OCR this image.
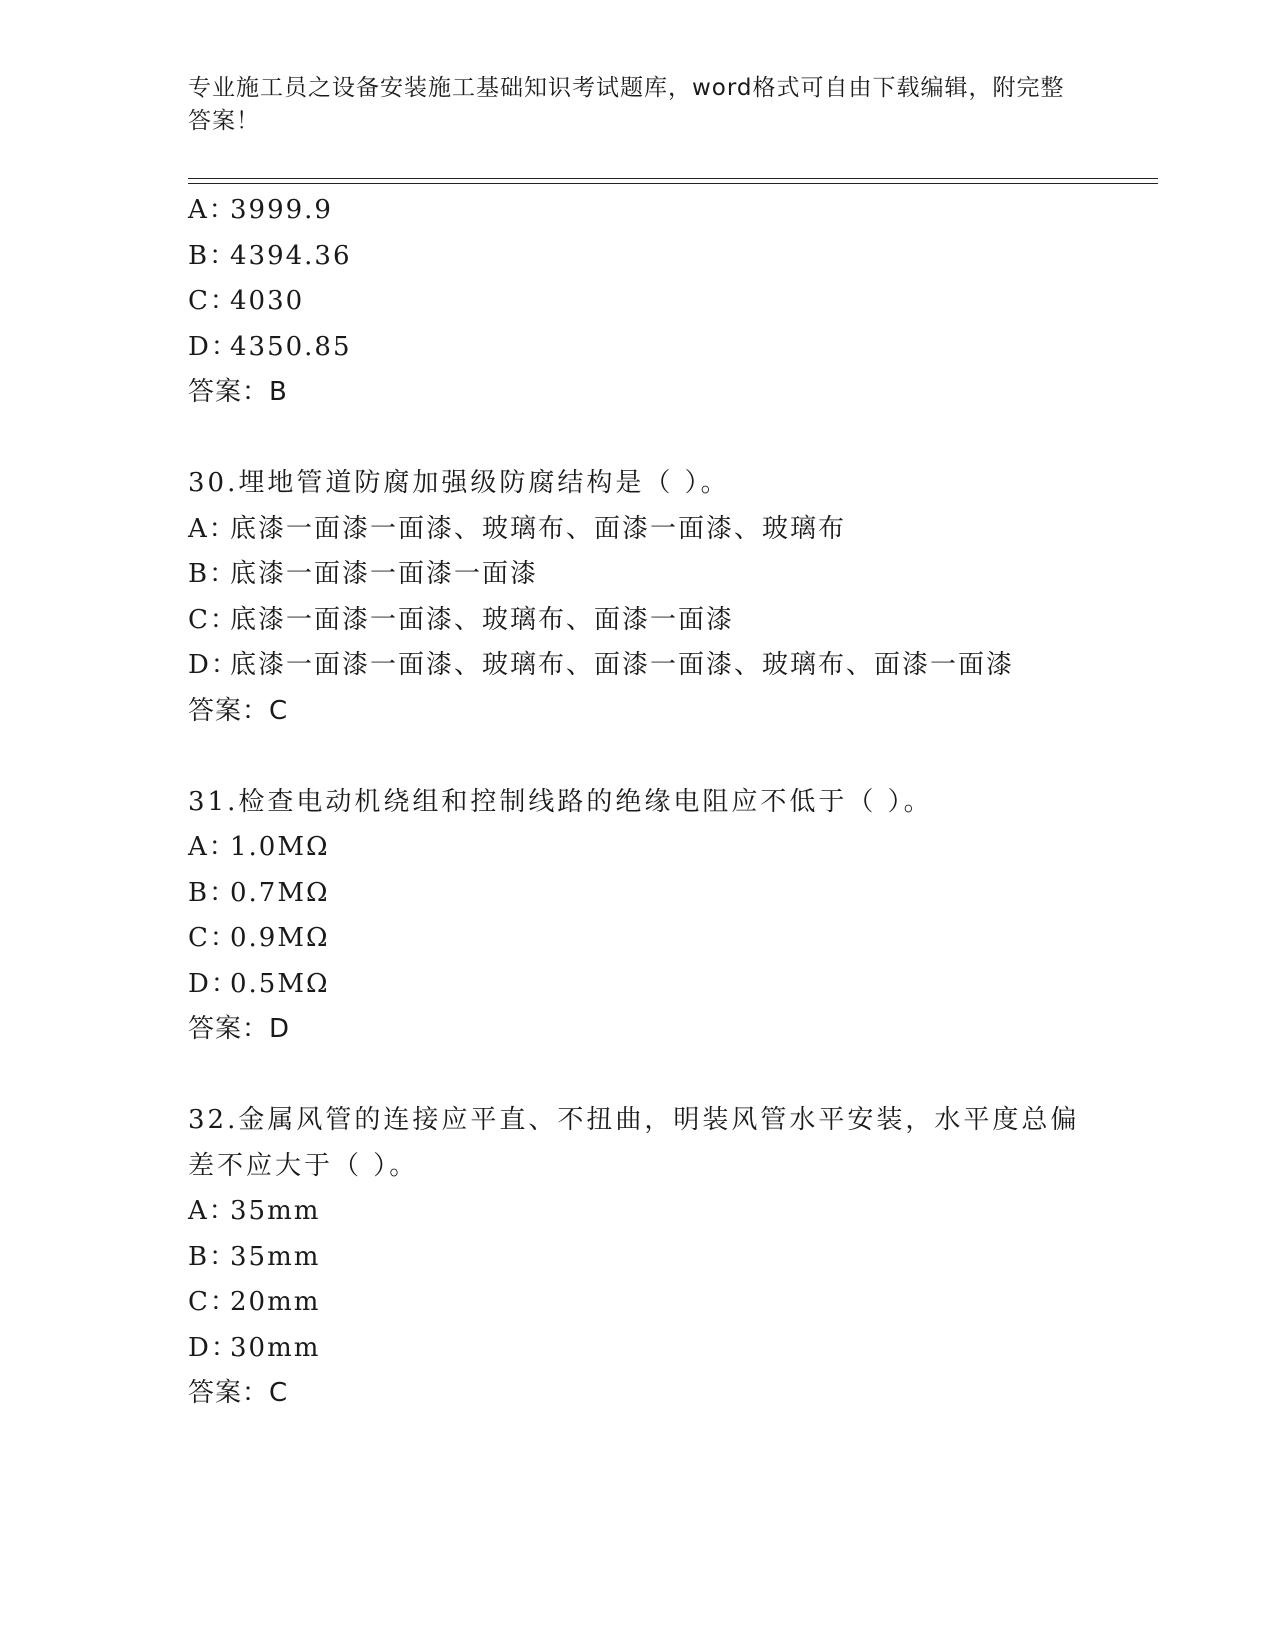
专业施工员之设备安装施工基础知识考试题库，word格式可自由下载编辑，附完整答案！
A：3999.9
B：4394.36
C：4030
D：4350.85
答案：B
30.埋地管道防腐加强级防腐结构是（ ）。
A：底漆一面漆一面漆、玻璃布、面漆一面漆、玻璃布
B：底漆一面漆一面漆一面漆
C：底漆一面漆一面漆、玻璃布、面漆一面漆
D：底漆一面漆一面漆、玻璃布、面漆一面漆、玻璃布、面漆一面漆
答案：C
31.检查电动机绕组和控制线路的绝缘电阻应不低于（ ）。
A：1.0MΩ
B：0.7MΩ
C：0.9MΩ
D：0.5MΩ
答案：D
32.金属风管的连接应平直、不扭曲，明装风管水平安装，水平度总偏差不应大于（ ）。
A：35mm
B：35mm
C：20mm
D：30mm
答案：C
